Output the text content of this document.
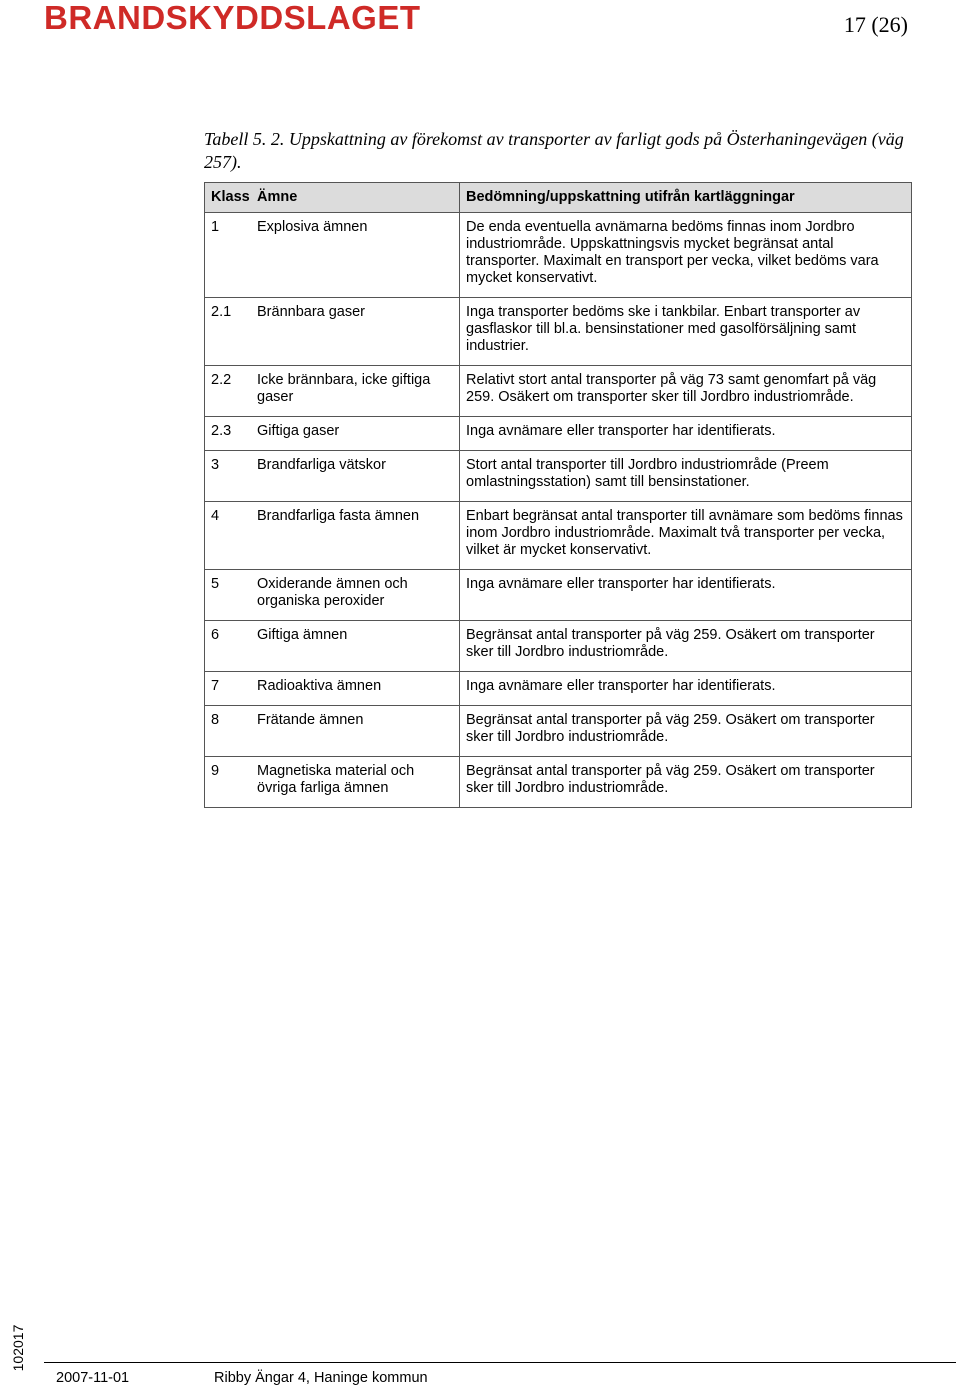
BRANDSKYDDSLAGET	17 (26)
Tabell 5. 2. Uppskattning av förekomst av transporter av farligt gods på Österhaningevägen (väg 257).
Klass	Ämne	Bedömning/uppskattning utifrån kartläggningar
1	Explosiva ämnen	De enda eventuella avnämarna bedöms finnas inom Jordbro industriområde. Uppskattningsvis mycket begränsat antal transporter. Maximalt en transport per vecka, vilket bedöms vara mycket konservativt.
2.1	Brännbara gaser	Inga transporter bedöms ske i tankbilar. Enbart transporter av gasflaskor till bl.a. bensinstationer med gasolförsäljning samt industrier.
2.2	Icke brännbara, icke giftiga gaser	Relativt stort antal transporter på väg 73 samt genomfart på väg 259. Osäkert om transporter sker till Jordbro industriområde.
2.3	Giftiga gaser	Inga avnämare eller transporter har identifierats.
3	Brandfarliga vätskor	Stort antal transporter till Jordbro industriområde (Preem omlastningsstation) samt till bensinstationer.
4	Brandfarliga fasta ämnen	Enbart begränsat antal transporter till avnämare som bedöms finnas inom Jordbro industriområde. Maximalt två transporter per vecka, vilket är mycket konservativt.
5	Oxiderande ämnen och organiska peroxider	Inga avnämare eller transporter har identifierats.
6	Giftiga ämnen	Begränsat antal transporter på väg 259. Osäkert om transporter sker till Jordbro industriområde.
7	Radioaktiva ämnen	Inga avnämare eller transporter har identifierats.
8	Frätande ämnen	Begränsat antal transporter på väg 259. Osäkert om transporter sker till Jordbro industriområde.
9	Magnetiska material och övriga farliga ämnen	Begränsat antal transporter på väg 259. Osäkert om transporter sker till Jordbro industriområde.
102017
2007-11-01	Ribby Ängar 4, Haninge kommun
